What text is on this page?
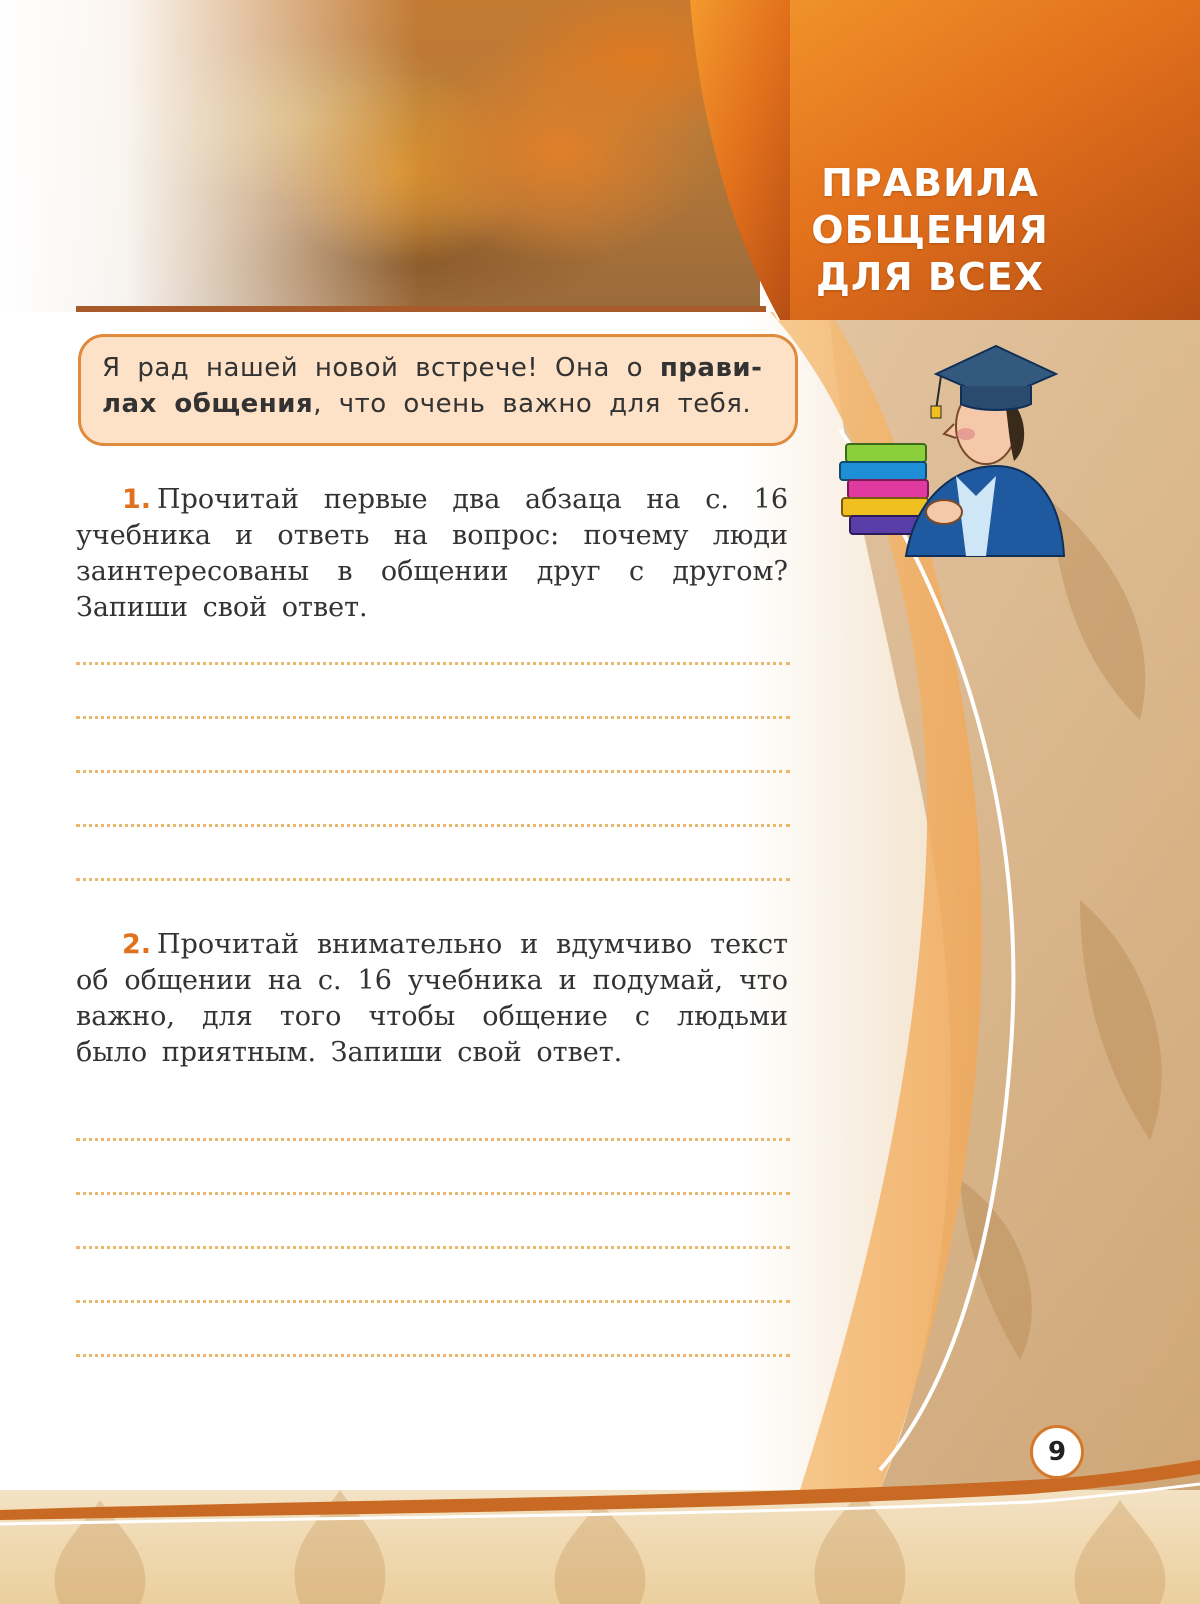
ПРАВИЛА
ОБЩЕНИЯ
ДЛЯ ВСЕХ
Я рад нашей новой встрече! Она о правилах общения, что очень важно для тебя.
1. Прочитай первые два абзаца на с. 16 учебника и ответь на вопрос: почему люди заинтересованы в общении друг с другом? Запиши свой ответ.
2. Прочитай внимательно и вдумчиво текст об общении на с. 16 учебника и подумай, что важно, для того чтобы общение с людьми было приятным. Запиши свой ответ.
9
